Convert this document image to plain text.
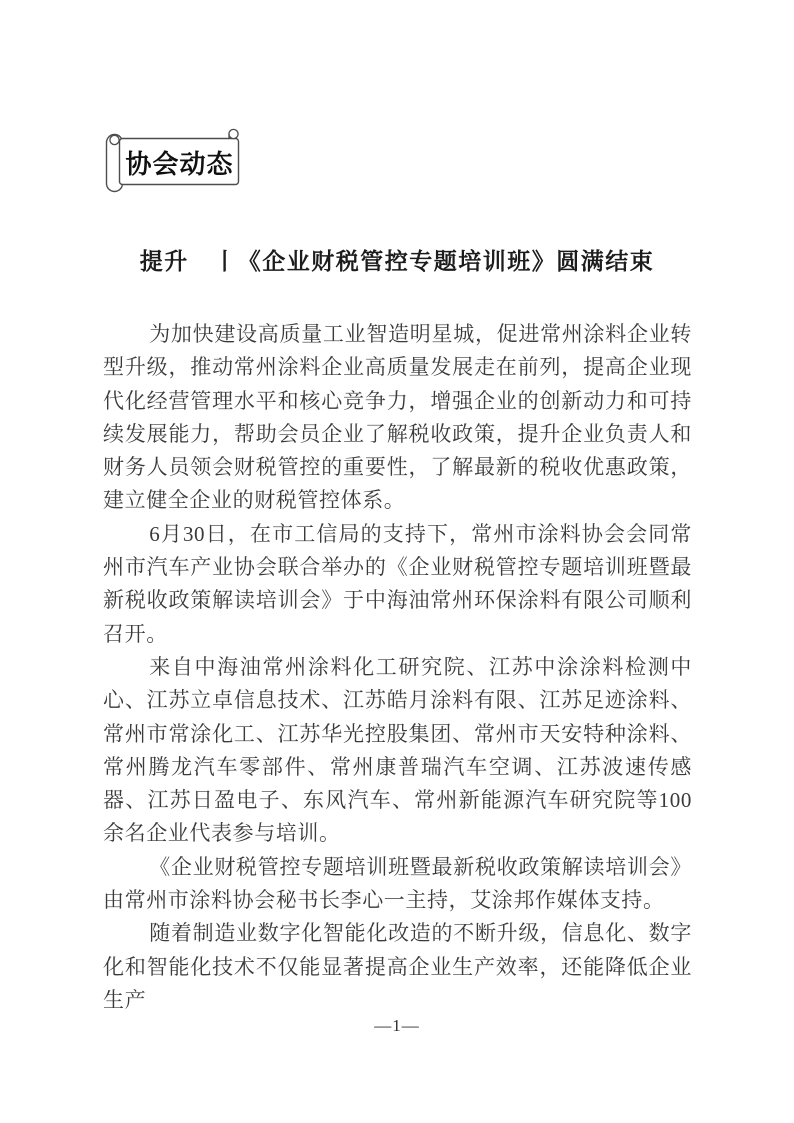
协会动态
提升　丨《企业财税管控专题培训班》圆满结束

为加快建设高质量工业智造明星城，促进常州涂料企业转型升级，推动常州涂料企业高质量发展走在前列，提高企业现代化经营管理水平和核心竞争力，增强企业的创新动力和可持续发展能力，帮助会员企业了解税收政策，提升企业负责人和财务人员领会财税管控的重要性，了解最新的税收优惠政策，建立健全企业的财税管控体系。

6月30日，在市工信局的支持下，常州市涂料协会会同常州市汽车产业协会联合举办的《企业财税管控专题培训班暨最新税收政策解读培训会》于中海油常州环保涂料有限公司顺利召开。

来自中海油常州涂料化工研究院、江苏中涂涂料检测中心、江苏立卓信息技术、江苏皓月涂料有限、江苏足迹涂料、常州市常涂化工、江苏华光控股集团、常州市天安特种涂料、常州腾龙汽车零部件、常州康普瑞汽车空调、江苏波速传感器、江苏日盈电子、东风汽车、常州新能源汽车研究院等100余名企业代表参与培训。

《企业财税管控专题培训班暨最新税收政策解读培训会》由常州市涂料协会秘书长李心一主持，艾涂邦作媒体支持。

随着制造业数字化智能化改造的不断升级，信息化、数字化和智能化技术不仅能显著提高企业生产效率，还能降低企业生产

—1—
